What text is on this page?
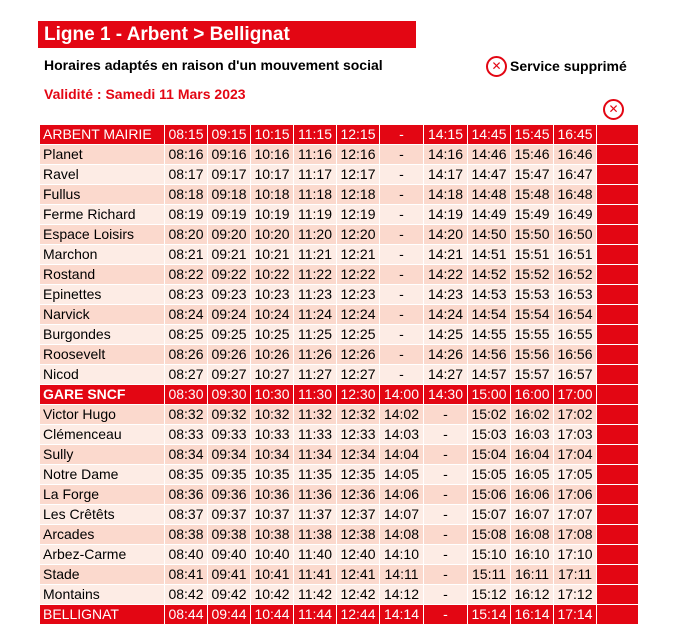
Ligne 1 - Arbent > Bellignat
Horaires adaptés en raison d'un mouvement social
Validité : Samedi 11 Mars 2023
✕ Service supprimé
✕
ARBENT MAIRIE	08:15	09:15	10:15	11:15	12:15	-	14:15	14:45	15:45	16:45	
Planet	08:16	09:16	10:16	11:16	12:16	-	14:16	14:46	15:46	16:46	
Ravel	08:17	09:17	10:17	11:17	12:17	-	14:17	14:47	15:47	16:47	
Fullus	08:18	09:18	10:18	11:18	12:18	-	14:18	14:48	15:48	16:48	
Ferme Richard	08:19	09:19	10:19	11:19	12:19	-	14:19	14:49	15:49	16:49	
Espace Loisirs	08:20	09:20	10:20	11:20	12:20	-	14:20	14:50	15:50	16:50	
Marchon	08:21	09:21	10:21	11:21	12:21	-	14:21	14:51	15:51	16:51	
Rostand	08:22	09:22	10:22	11:22	12:22	-	14:22	14:52	15:52	16:52	
Epinettes	08:23	09:23	10:23	11:23	12:23	-	14:23	14:53	15:53	16:53	
Narvick	08:24	09:24	10:24	11:24	12:24	-	14:24	14:54	15:54	16:54	
Burgondes	08:25	09:25	10:25	11:25	12:25	-	14:25	14:55	15:55	16:55	
Roosevelt	08:26	09:26	10:26	11:26	12:26	-	14:26	14:56	15:56	16:56	
Nicod	08:27	09:27	10:27	11:27	12:27	-	14:27	14:57	15:57	16:57	
GARE SNCF	08:30	09:30	10:30	11:30	12:30	14:00	14:30	15:00	16:00	17:00	
Victor Hugo	08:32	09:32	10:32	11:32	12:32	14:02	-	15:02	16:02	17:02	
Clémenceau	08:33	09:33	10:33	11:33	12:33	14:03	-	15:03	16:03	17:03	
Sully	08:34	09:34	10:34	11:34	12:34	14:04	-	15:04	16:04	17:04	
Notre Dame	08:35	09:35	10:35	11:35	12:35	14:05	-	15:05	16:05	17:05	
La Forge	08:36	09:36	10:36	11:36	12:36	14:06	-	15:06	16:06	17:06	
Les Crêtêts	08:37	09:37	10:37	11:37	12:37	14:07	-	15:07	16:07	17:07	
Arcades	08:38	09:38	10:38	11:38	12:38	14:08	-	15:08	16:08	17:08	
Arbez-Carme	08:40	09:40	10:40	11:40	12:40	14:10	-	15:10	16:10	17:10	
Stade	08:41	09:41	10:41	11:41	12:41	14:11	-	15:11	16:11	17:11	
Montains	08:42	09:42	10:42	11:42	12:42	14:12	-	15:12	16:12	17:12	
BELLIGNAT	08:44	09:44	10:44	11:44	12:44	14:14	-	15:14	16:14	17:14	
